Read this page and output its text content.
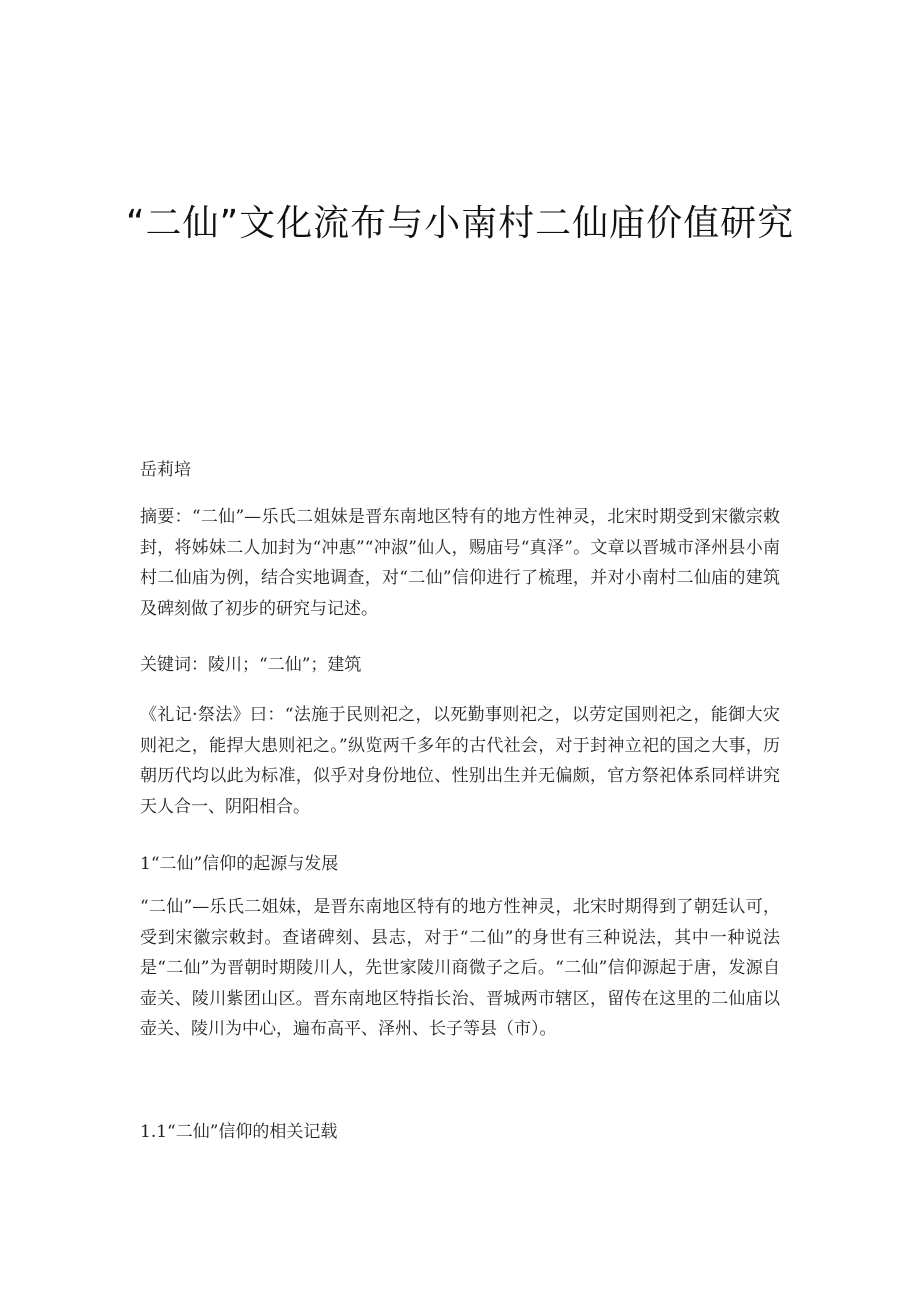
“二仙”文化流布与小南村二仙庙价值研究
岳莉培
摘要：“二仙”—乐氏二姐妹是晋东南地区特有的地方性神灵，北宋时期受到宋徽宗敕封，将姊妹二人加封为“冲惠”“冲淑”仙人，赐庙号“真泽”。文章以晋城市泽州县小南村二仙庙为例，结合实地调查，对“二仙”信仰进行了梳理，并对小南村二仙庙的建筑及碑刻做了初步的研究与记述。
关键词：陵川；“二仙”；建筑
《礼记·祭法》曰：“法施于民则祀之，以死勤事则祀之，以劳定国则祀之，能御大灾则祀之，能捍大患则祀之。”纵览两千多年的古代社会，对于封神立祀的国之大事，历朝历代均以此为标准，似乎对身份地位、性别出生并无偏颇，官方祭祀体系同样讲究天人合一、阴阳相合。
1“二仙”信仰的起源与发展
“二仙”—乐氏二姐妹，是晋东南地区特有的地方性神灵，北宋时期得到了朝廷认可，受到宋徽宗敕封。查诸碑刻、县志，对于“二仙”的身世有三种说法，其中一种说法是“二仙”为晋朝时期陵川人，先世家陵川商微子之后。“二仙”信仰源起于唐，发源自壶关、陵川紫团山区。晋东南地区特指长治、晋城两市辖区，留传在这里的二仙庙以壶关、陵川为中心，遍布高平、泽州、长子等县（市）。
1.1“二仙”信仰的相关记载
